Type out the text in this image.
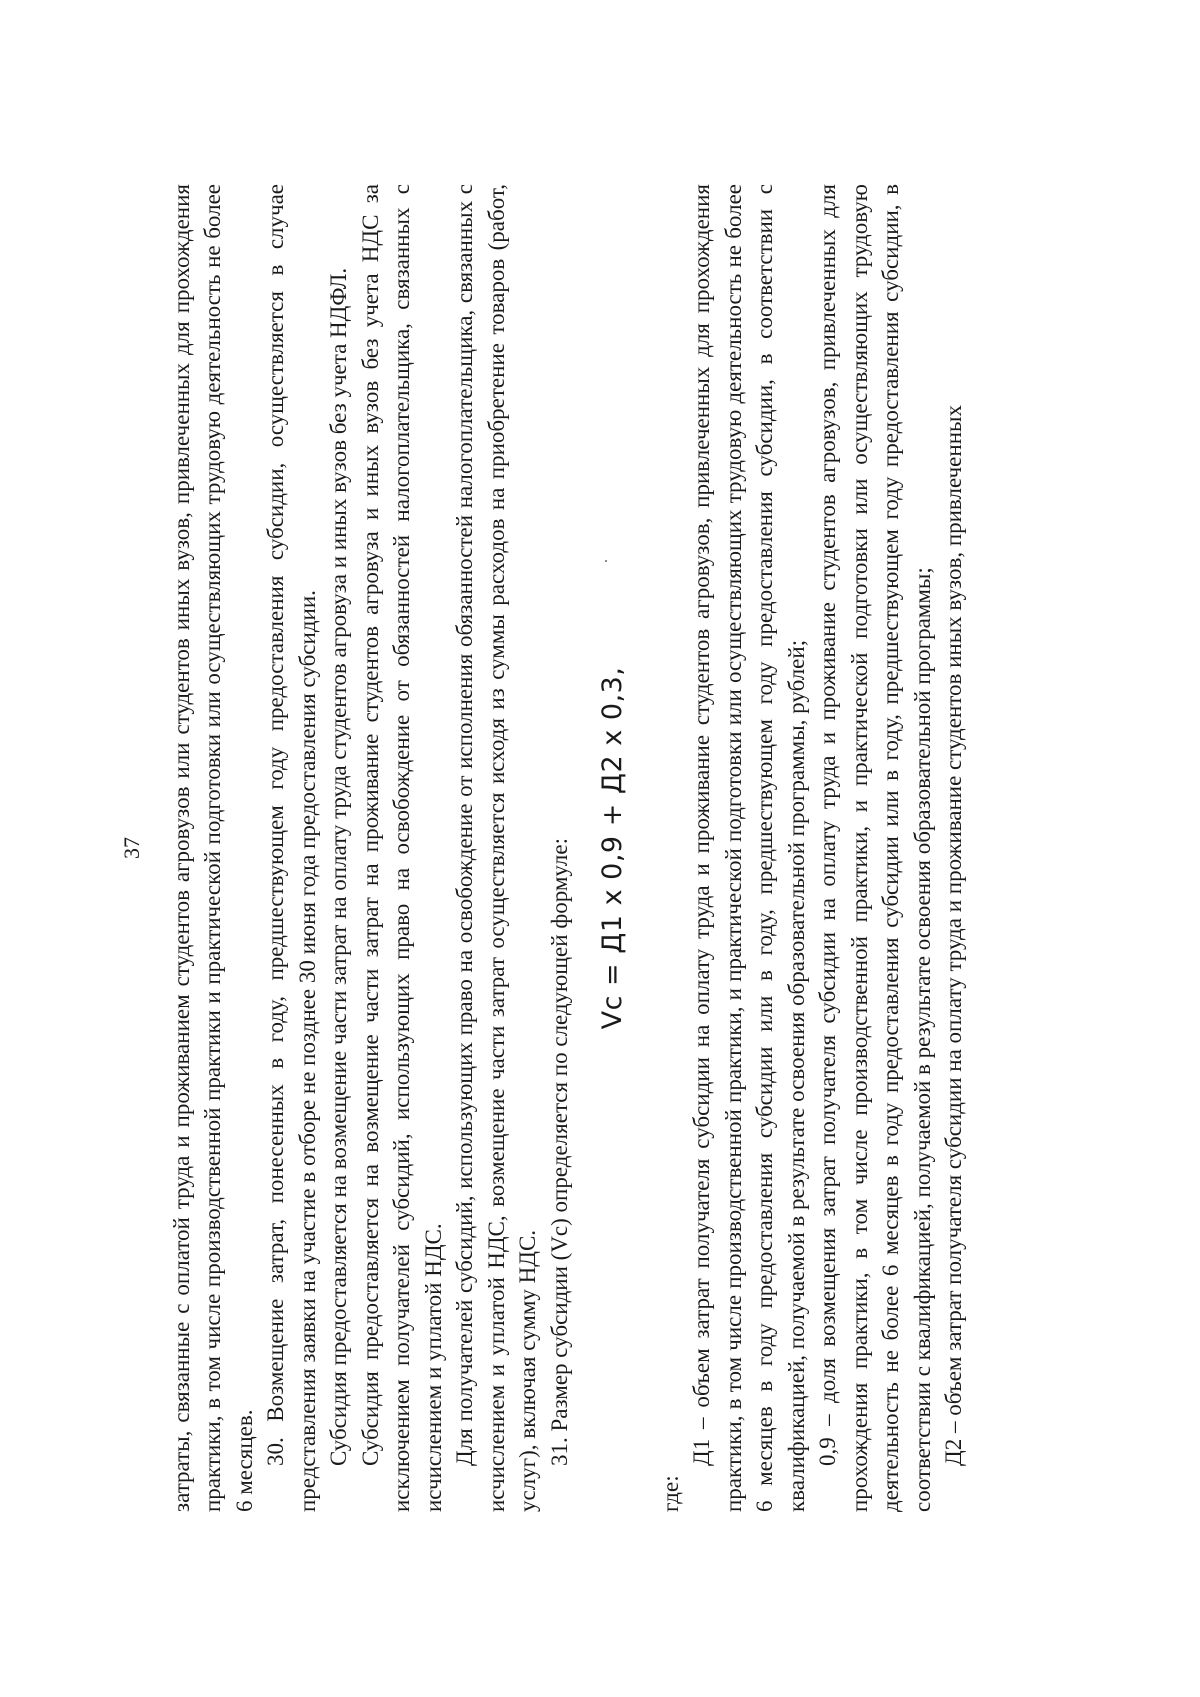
37 затраты, связанные с оплатой труда и проживанием студентов агровузов или студентов иных вузов, привлеченных для прохождения практики, в том числе производственной практики и практической подготовки или осуществляющих трудовую деятельность не более 6 месяцев. 30. Возмещение затрат, понесенных в году, предшествующем году предоставления субсидии, осуществляется в случае представления заявки на участие в отборе не позднее 30 июня года предоставления субсидии. Субсидия предоставляется на возмещение части затрат на оплату труда студентов агровуза и иных вузов без учета НДФЛ. Субсидия предоставляется на возмещение части затрат на проживание студентов агровуза и иных вузов без учета НДС за исключением получателей субсидий, использующих право на освобождение от обязанностей налогоплательщика, связанных с исчислением и уплатой НДС. Для получателей субсидий, использующих право на освобождение от исполнения обязанностей налогоплательщика, связанных с исчислением и уплатой НДС, возмещение части затрат осуществляется исходя из суммы расходов на приобретение товаров (работ, услуг), включая сумму НДС. 31. Размер субсидии (Vc) определяется по следующей формуле: Vc = Д1 x 0,9 + Д2 x 0,3,

где:

Д1 – объем затрат получателя субсидии на оплату труда и проживание студентов агровузов, привлеченных для прохождения практики, в том числе производственной практики, и практической подготовки или осуществляющих трудовую деятельность не более 6 месяцев в году предоставления субсидии или в году, предшествующем году предоставления субсидии, в соответствии с квалификацией, получаемой в результате освоения образовательной программы, рублей; 0,9 – доля возмещения затрат получателя субсидии на оплату труда и проживание студентов агровузов, привлеченных для прохождения практики, в том числе производственной практики, и практической подготовки или осуществляющих трудовую деятельность не более 6 месяцев в году предоставления субсидии или в году, предшествующем году предоставления субсидии, в соответствии с квалификацией, получаемой в результате освоения образовательной программы; Д2 – объем затрат получателя субсидии на оплату труда и проживание студентов иных вузов, привлеченных
